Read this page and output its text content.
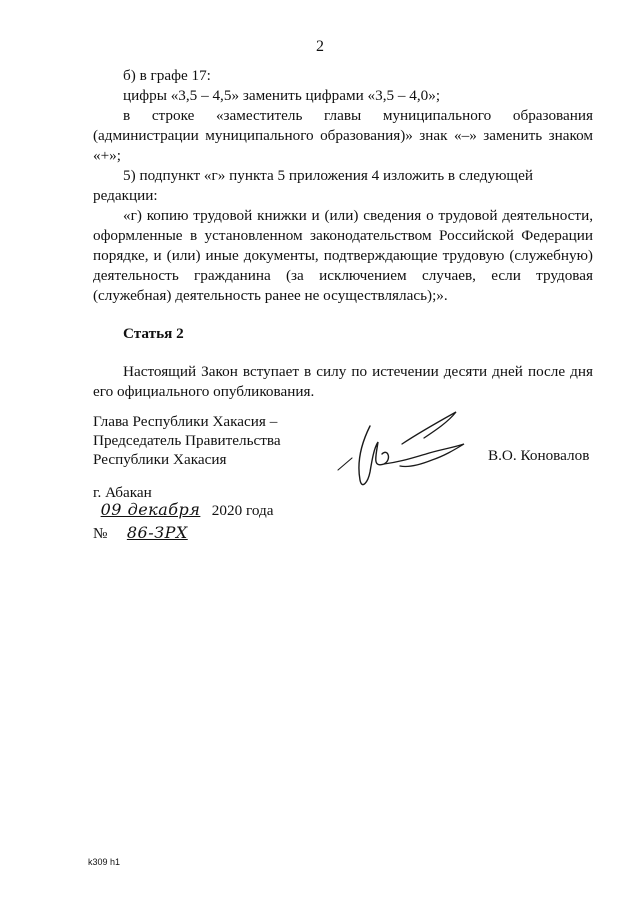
2

б) в графе 17:

цифры «3,5 – 4,5» заменить цифрами «3,5 – 4,0»;

в строке «заместитель главы муниципального образования (администрации муниципального образования)» знак «–» заменить знаком «+»;

5) подпункт «г» пункта 5 приложения 4 изложить в следующей редакции:

«г) копию трудовой книжки и (или) сведения о трудовой деятельности, оформленные в установленном законодательством Российской Федерации порядке, и (или) иные документы, подтверждающие трудовую (служебную) деятельность гражданина (за исключением случаев, если трудовая (служебная) деятельность ранее не осуществлялась);».

Статья 2

Настоящий Закон вступает в силу по истечении десяти дней после дня его официального опубликования.

Глава Республики Хакасия –
Председатель Правительства
Республики Хакасия	В.О. Коновалов
г. Абакан
09 декабря 2020 года
№ 86-ЗРХ
k309 h1
